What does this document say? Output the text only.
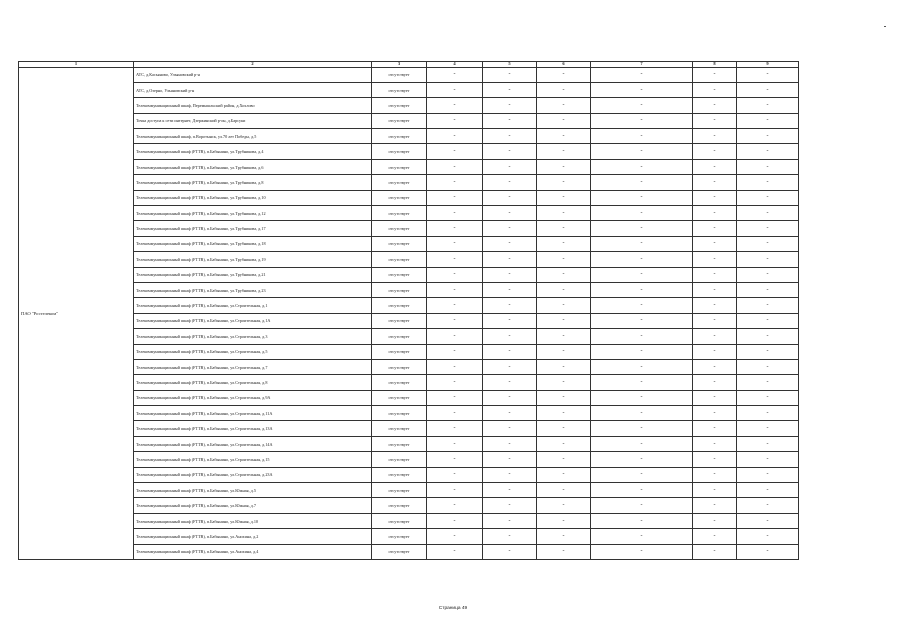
1	2	3	4	5	6	7	8	9
ПАО "Ростелеком"	АТС, д.Касьяново, Ульяновский р-н	отсутствует	-	-	-	-	-	-
	АТС, д.Озерно, Ульяновский р-н	отсутствует	-	-	-	-	-	-
	Телекоммуникационный шкаф, Перемышльский район, д.Хохлово	отсутствует	-	-	-	-	-	-
	Точка доступа к сети интернет, Дзержинский р-он, д.Барсуки	отсутствует	-	-	-	-	-	-
	Телекоммуникационный шкаф, п.Воротынск, ул.70 лет Победы, д.5	отсутствует	-	-	-	-	-	-
	Телекоммуникационный шкаф (FTTB), п.Бабынино, ул.Трубникова, д.4	отсутствует	-	-	-	-	-	-
	Телекоммуникационный шкаф (FTTB), п.Бабынино, ул.Трубникова, д.6	отсутствует	-	-	-	-	-	-
	Телекоммуникационный шкаф (FTTB), п.Бабынино, ул.Трубникова, д.8	отсутствует	-	-	-	-	-	-
	Телекоммуникационный шкаф (FTTB), п.Бабынино, ул.Трубникова, д.10	отсутствует	-	-	-	-	-	-
	Телекоммуникационный шкаф (FTTB), п.Бабынино, ул.Трубникова, д.12	отсутствует	-	-	-	-	-	-
	Телекоммуникационный шкаф (FTTB), п.Бабынино, ул.Трубникова, д.17	отсутствует	-	-	-	-	-	-
	Телекоммуникационный шкаф (FTTB), п.Бабынино, ул.Трубникова, д.18	отсутствует	-	-	-	-	-	-
	Телекоммуникационный шкаф (FTTB), п.Бабынино, ул.Трубникова, д.19	отсутствует	-	-	-	-	-	-
	Телекоммуникационный шкаф (FTTB), п.Бабынино, ул.Трубникова, д.21	отсутствует	-	-	-	-	-	-
	Телекоммуникационный шкаф (FTTB), п.Бабынино, ул.Трубникова, д.23	отсутствует	-	-	-	-	-	-
	Телекоммуникационный шкаф (FTTB), п.Бабынино, ул.Строительная, д.1	отсутствует	-	-	-	-	-	-
	Телекоммуникационный шкаф (FTTB), п.Бабынино, ул.Строительная, д.1А	отсутствует	-	-	-	-	-	-
	Телекоммуникационный шкаф (FTTB), п.Бабынино, ул.Строительная, д.3	отсутствует	-	-	-	-	-	-
	Телекоммуникационный шкаф (FTTB), п.Бабынино, ул.Строительная, д.5	отсутствует	-	-	-	-	-	-
	Телекоммуникационный шкаф (FTTB), п.Бабынино, ул.Строительная, д.7	отсутствует	-	-	-	-	-	-
	Телекоммуникационный шкаф (FTTB), п.Бабынино, ул.Строительная, д.8	отсутствует	-	-	-	-	-	-
	Телекоммуникационный шкаф (FTTB), п.Бабынино, ул.Строительная, д.9А	отсутствует	-	-	-	-	-	-
	Телекоммуникационный шкаф (FTTB), п.Бабынино, ул.Строительная, д.11А	отсутствует	-	-	-	-	-	-
	Телекоммуникационный шкаф (FTTB), п.Бабынино, ул.Строительная, д.13А	отсутствует	-	-	-	-	-	-
	Телекоммуникационный шкаф (FTTB), п.Бабынино, ул.Строительная, д.14А	отсутствует	-	-	-	-	-	-
	Телекоммуникационный шкаф (FTTB), п.Бабынино, ул.Строительная, д.15	отсутствует	-	-	-	-	-	-
	Телекоммуникационный шкаф (FTTB), п.Бабынино, ул.Строительная, д.23А	отсутствует	-	-	-	-	-	-
	Телекоммуникационный шкаф (FTTB), п.Бабынино, ул.Южная, д.5	отсутствует	-	-	-	-	-	-
	Телекоммуникационный шкаф (FTTB), п.Бабынино, ул.Южная, д.7	отсутствует	-	-	-	-	-	-
	Телекоммуникационный шкаф (FTTB), п.Бабынино, ул.Южная, д.10	отсутствует	-	-	-	-	-	-
	Телекоммуникационный шкаф (FTTB), п.Бабынино, ул.Анохина, д.2	отсутствует	-	-	-	-	-	-
	Телекоммуникационный шкаф (FTTB), п.Бабынино, ул.Анохина, д.4	отсутствует	-	-	-	-	-	-
Страница 49
